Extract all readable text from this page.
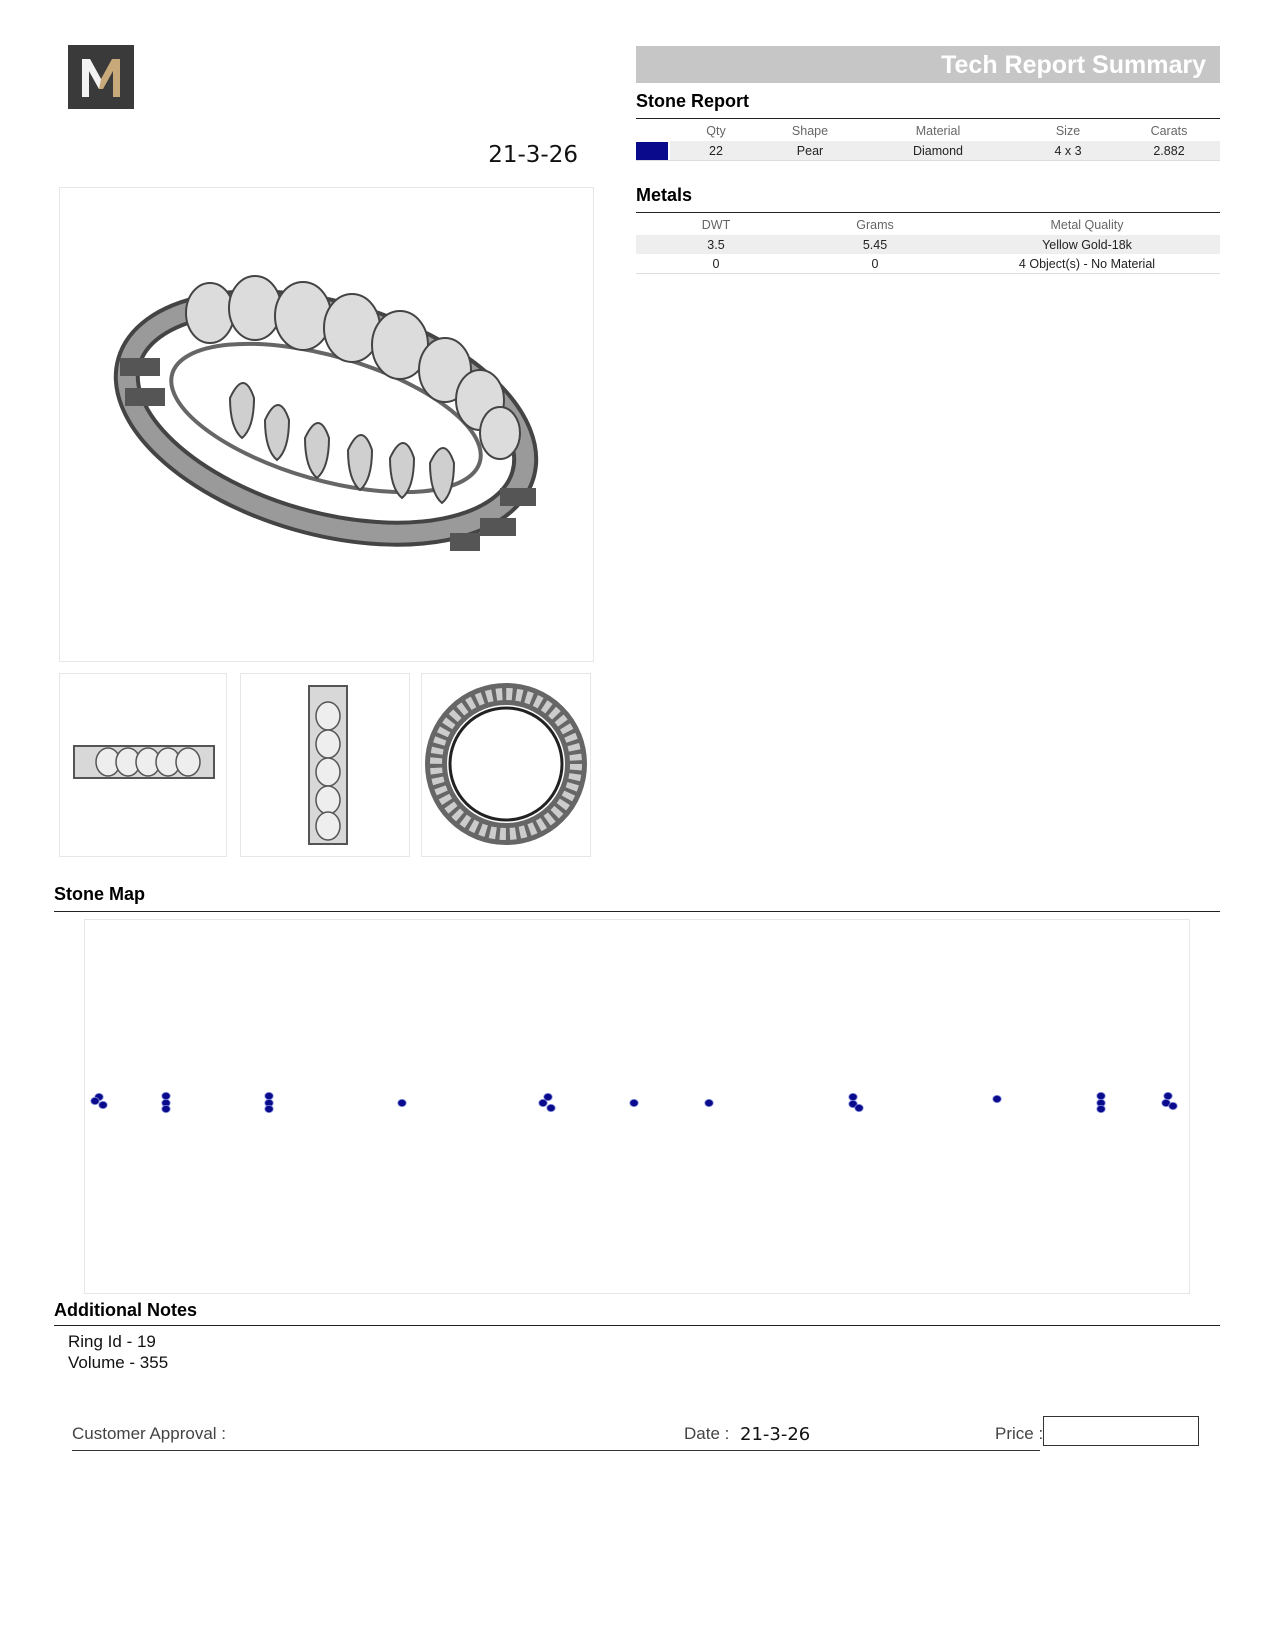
21-3-26
Tech Report Summary
Stone Report
	Qty	Shape	Material	Size	Carats

	22	Pear	Diamond	4 x 3	2.882
Metals
DWT	Grams	Metal Quality
3.5	5.45	Yellow Gold-18k
0	0	4 Object(s) - No Material
Stone Map
Additional Notes
Ring Id - 19
Volume - 355
Customer Approval :	Date : 21-3-26	Price :
